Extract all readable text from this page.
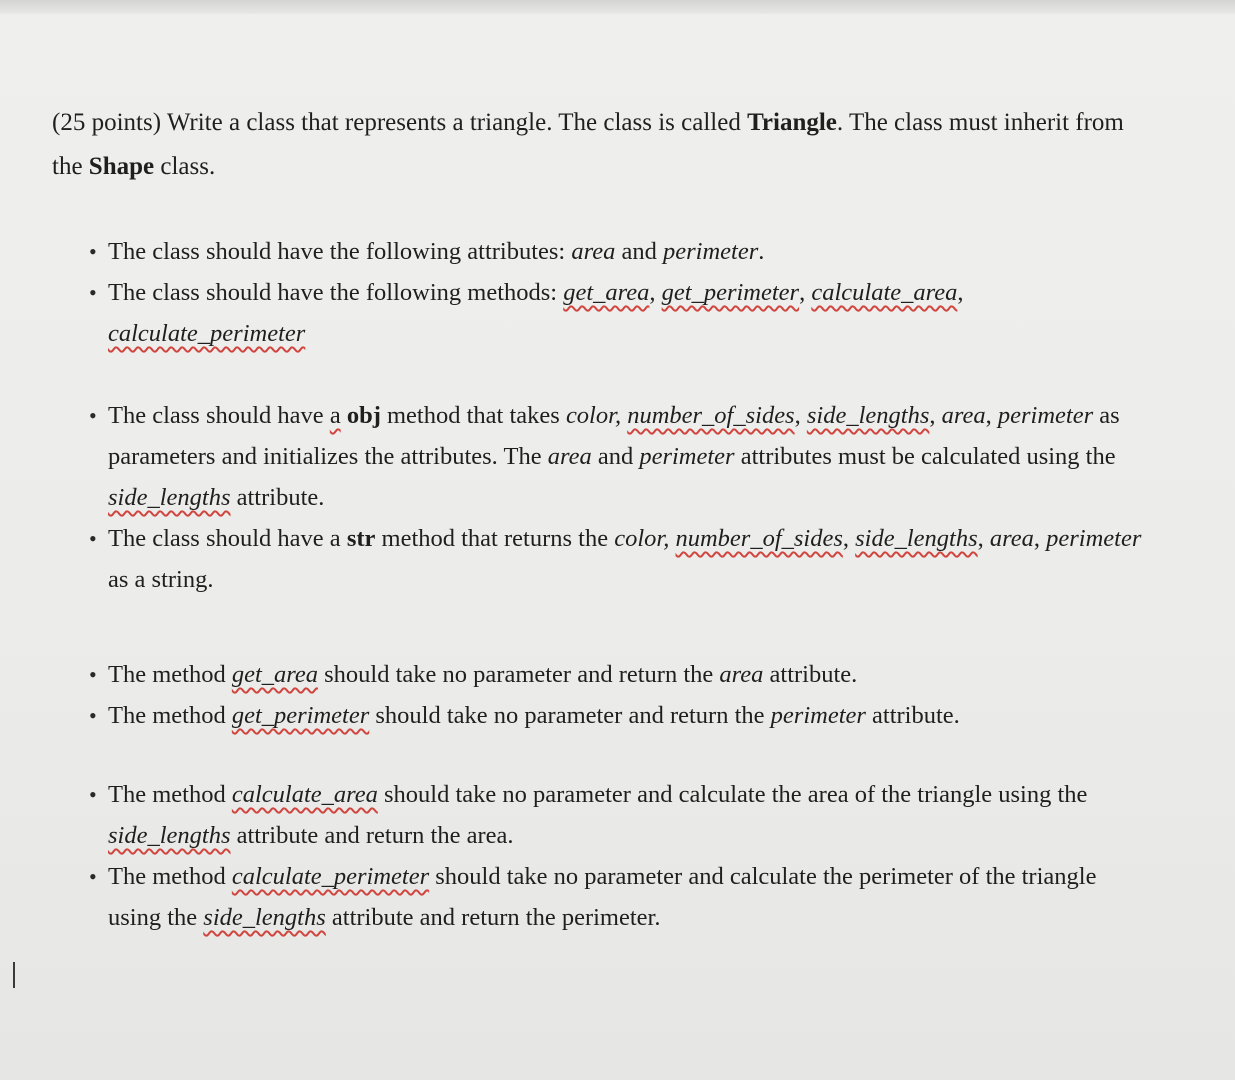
(25 points) Write a class that represents a triangle. The class is called Triangle. The class must inherit from the Shape class.

• The class should have the following attributes: area and perimeter.
• The class should have the following methods: get_area, get_perimeter, calculate_area, calculate_perimeter
• The class should have a obj method that takes color, number_of_sides, side_lengths, area, perimeter as parameters and initializes the attributes. The area and perimeter attributes must be calculated using the side_lengths attribute.
• The class should have a str method that returns the color, number_of_sides, side_lengths, area, perimeter as a string.
• The method get_area should take no parameter and return the area attribute.
• The method get_perimeter should take no parameter and return the perimeter attribute.
• The method calculate_area should take no parameter and calculate the area of the triangle using the side_lengths attribute and return the area.
• The method calculate_perimeter should take no parameter and calculate the perimeter of the triangle using the side_lengths attribute and return the perimeter.
